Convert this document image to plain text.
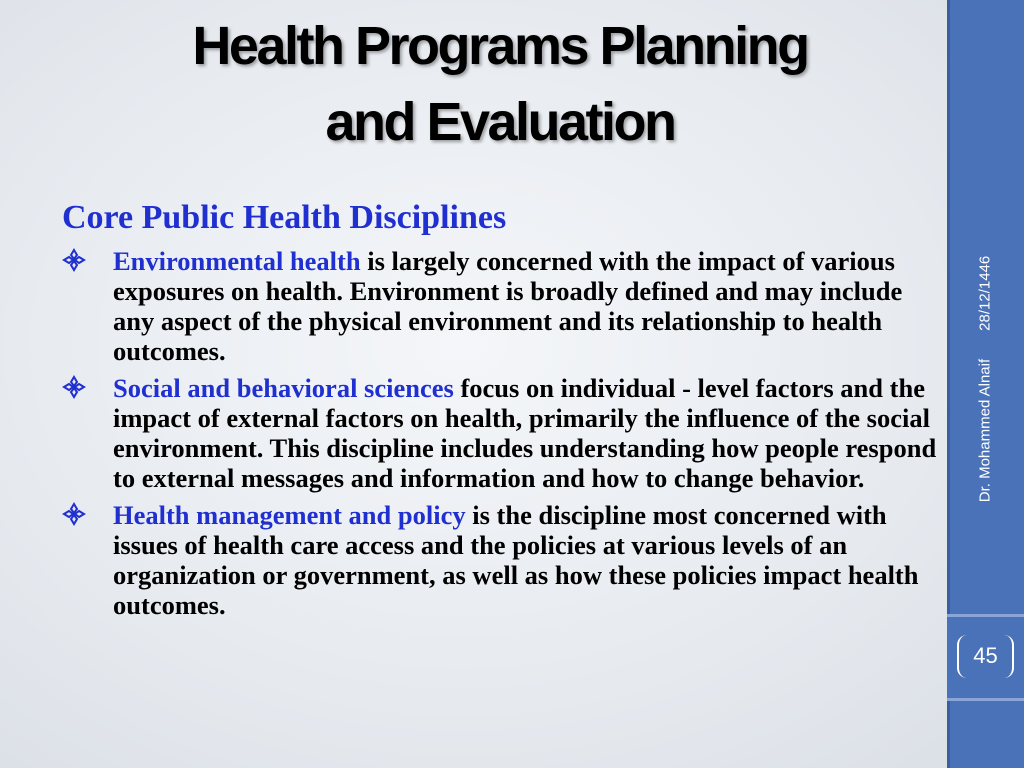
Health Programs Planning
and Evaluation
Core Public Health Disciplines

Environmental health is largely concerned with the impact of various exposures on health. Environment is broadly defined and may include any aspect of the physical environment and its relationship to health outcomes.

Social and behavioral sciences focus on individual - level factors and the impact of external factors on health, primarily the influence of the social environment. This discipline includes understanding how people respond to external messages and information and how to change behavior.

Health management and policy is the discipline most concerned with issues of health care access and the policies at various levels of an organization or government, as well as how these policies impact health outcomes.

Dr. Mohammed Alnaif28/12/1446
45
